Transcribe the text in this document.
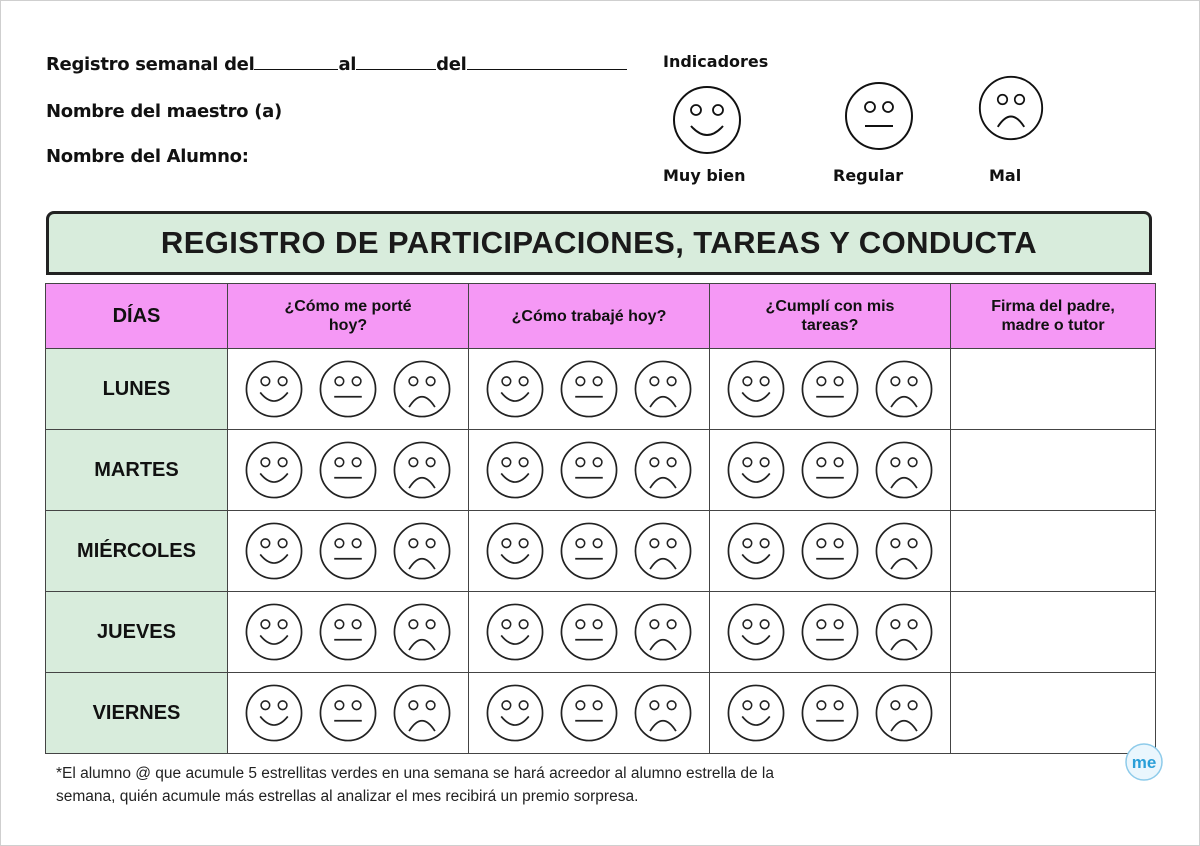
Registro semanal del	al	del
Nombre del maestro (a)
Nombre del Alumno:
Indicadores
Muy bien	Regular	Mal
REGISTRO DE PARTICIPACIONES, TAREAS Y CONDUCTA
DÍAS	¿Cómo me porté hoy?	¿Cómo trabajé hoy?	¿Cumplí con mis tareas?	Firma del padre, madre o tutor
LUNES	

MARTES	

MIÉRCOLES	

JUEVES	

VIERNES	

*El alumno @ que acumule 5 estrellitas verdes en una semana se hará acreedor al alumno estrella de la semana, quién acumule más estrellas al analizar el mes recibirá un premio sorpresa.
me
